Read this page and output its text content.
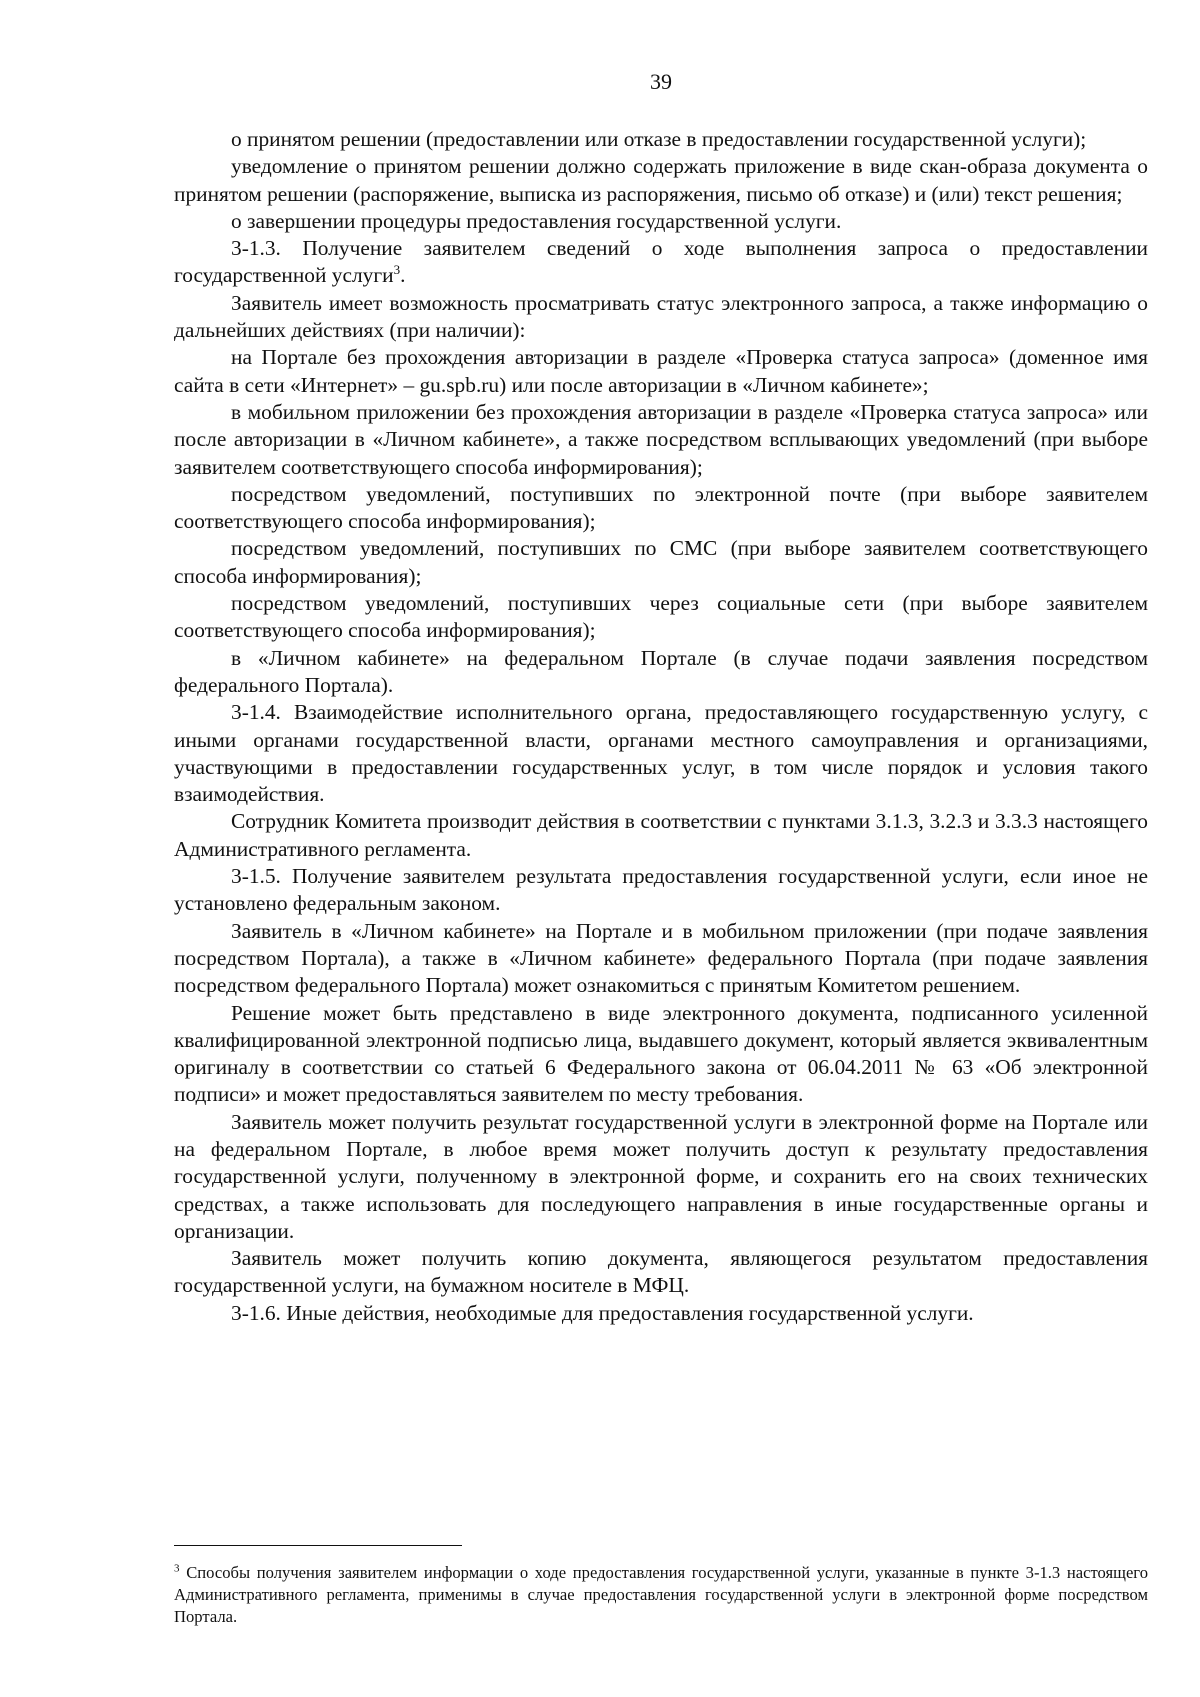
39

о принятом решении (предоставлении или отказе в предоставлении государственной услуги);

уведомление о принятом решении должно содержать приложение в виде скан-образа документа о принятом решении (распоряжение, выписка из распоряжения, письмо об отказе) и (или) текст решения;

о завершении процедуры предоставления государственной услуги.

3-1.3. Получение заявителем сведений о ходе выполнения запроса о предоставлении государственной услуги$^3$.

Заявитель имеет возможность просматривать статус электронного запроса, а также информацию о дальнейших действиях (при наличии):

на Портале без прохождения авторизации в разделе «Проверка статуса запроса» (доменное имя сайта в сети «Интернет» – gu.spb.ru) или после авторизации в «Личном кабинете»;

в мобильном приложении без прохождения авторизации в разделе «Проверка статуса запроса» или после авторизации в «Личном кабинете», а также посредством всплывающих уведомлений (при выборе заявителем соответствующего способа информирования);

посредством уведомлений, поступивших по электронной почте (при выборе заявителем соответствующего способа информирования);

посредством уведомлений, поступивших по СМС (при выборе заявителем соответствующего способа информирования);

посредством уведомлений, поступивших через социальные сети (при выборе заявителем соответствующего способа информирования);

в «Личном кабинете» на федеральном Портале (в случае подачи заявления посредством федерального Портала).

3-1.4. Взаимодействие исполнительного органа, предоставляющего государственную услугу, с иными органами государственной власти, органами местного самоуправления и организациями, участвующими в предоставлении государственных услуг, в том числе порядок и условия такого взаимодействия.

Сотрудник Комитета производит действия в соответствии с пунктами 3.1.3, 3.2.3 и 3.3.3 настоящего Административного регламента.

3-1.5. Получение заявителем результата предоставления государственной услуги, если иное не установлено федеральным законом.

Заявитель в «Личном кабинете» на Портале и в мобильном приложении (при подаче заявления посредством Портала), а также в «Личном кабинете» федерального Портала (при подаче заявления посредством федерального Портала) может ознакомиться с принятым Комитетом решением.

Решение может быть представлено в виде электронного документа, подписанного усиленной квалифицированной электронной подписью лица, выдавшего документ, который является эквивалентным оригиналу в соответствии со статьей 6 Федерального закона от 06.04.2011 № 63 «Об электронной подписи» и может предоставляться заявителем по месту требования.

Заявитель может получить результат государственной услуги в электронной форме на Портале или на федеральном Портале, в любое время может получить доступ к результату предоставления государственной услуги, полученному в электронной форме, и сохранить его на своих технических средствах, а также использовать для последующего направления в иные государственные органы и организации.

Заявитель может получить копию документа, являющегося результатом предоставления государственной услуги, на бумажном носителе в МФЦ.

3-1.6. Иные действия, необходимые для предоставления государственной услуги.

$^3$ Способы получения заявителем информации о ходе предоставления государственной услуги, указанные в пункте 3-1.3 настоящего Административного регламента, применимы в случае предоставления государственной услуги в электронной форме посредством Портала.
